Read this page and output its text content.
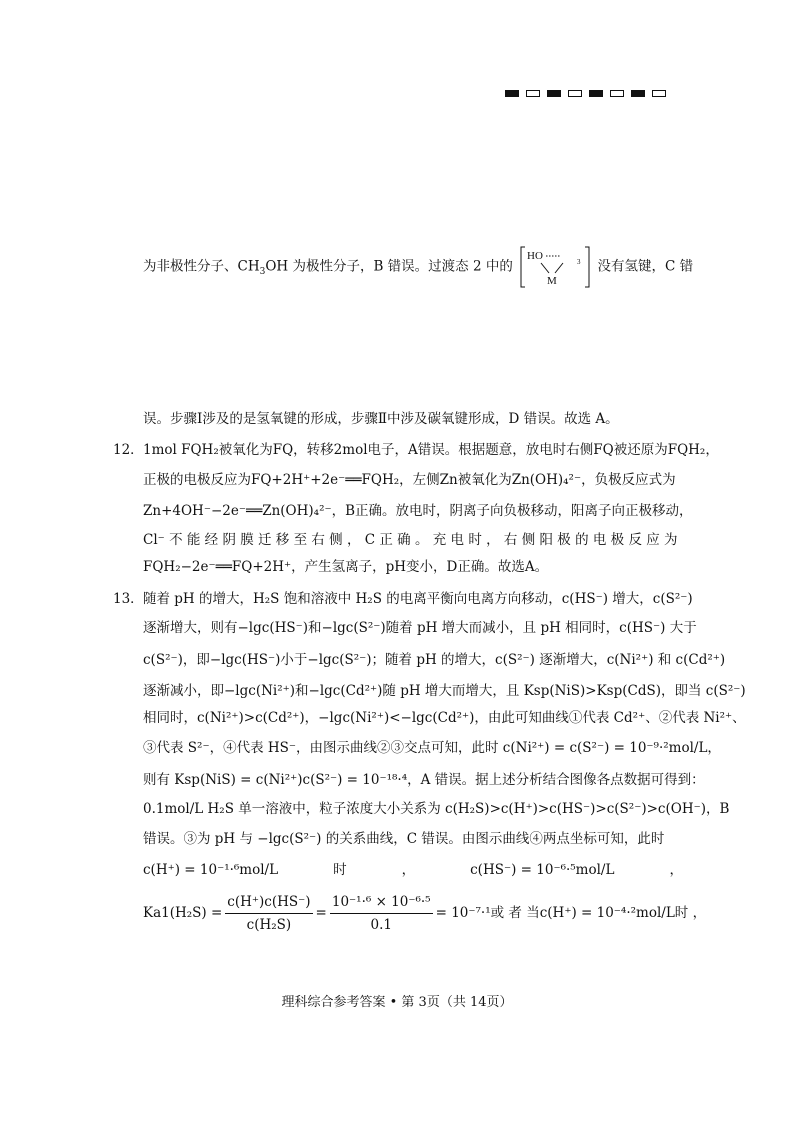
为非极性分子、$CH_3OH$ 为极性分子，B 错误。过渡态 2 中的
HO	3
M
没有氢键，C 错
误。步骤Ⅰ涉及的是氢氧键的形成，步骤Ⅱ中涉及碳氧键形成，D 错误。故选 A。
12． 1mol FQH₂被氧化为FQ，转移2mol电子，A错误。根据题意，放电时右侧FQ被还原为FQH₂，
正极的电极反应为FQ+2H⁺+2e⁻══FQH₂，左侧Zn被氧化为Zn(OH)₄²⁻，负极反应式为
Zn+4OH⁻−2e⁻══Zn(OH)₄²⁻，B正确。放电时，阴离子向负极移动，阳离子向正极移动，
Cl⁻ 不 能 经 阴 膜 迁 移 至 右 侧 ， C 正 确 。 充 电 时 ， 右 侧 阳 极 的 电 极 反 应 为
FQH₂−2e⁻══FQ+2H⁺，产生氢离子，pH变小，D正确。故选A。
13． 随着 pH 的增大，H₂S 饱和溶液中 H₂S 的电离平衡向电离方向移动，c(HS⁻) 增大，c(S²⁻)
逐渐增大，则有−lgc(HS⁻)和−lgc(S²⁻)随着 pH 增大而减小，且 pH 相同时，c(HS⁻) 大于
c(S²⁻)，即−lgc(HS⁻)小于−lgc(S²⁻)；随着 pH 的增大，c(S²⁻) 逐渐增大，c(Ni²⁺) 和 c(Cd²⁺)
逐渐减小，即−lgc(Ni²⁺)和−lgc(Cd²⁺)随 pH 增大而增大，且 Ksp(NiS)>Ksp(CdS)，即当 c(S²⁻)
相同时，c(Ni²⁺)>c(Cd²⁺)，−lgc(Ni²⁺)<−lgc(Cd²⁺)，由此可知曲线①代表 Cd²⁺、②代表 Ni²⁺、
③代表 S²⁻，④代表 HS⁻，由图示曲线②③交点可知，此时 c(Ni²⁺) = c(S²⁻) = 10⁻⁹·²mol/L，
则有 Ksp(NiS) = c(Ni²⁺)c(S²⁻) = 10⁻¹⁸·⁴，A 错误。据上述分析结合图像各点数据可得到：
0.1mol/L H₂S 单一溶液中，粒子浓度大小关系为 c(H₂S)>c(H⁺)>c(HS⁻)>c(S²⁻)>c(OH⁻)，B
错误。③为 pH 与 −lgc(S²⁻) 的关系曲线，C 错误。由图示曲线④两点坐标可知，此时
c(H⁺) = 10⁻¹·⁶mol/L	时	，	c(HS⁻) = 10⁻⁶·⁵mol/L	，
$Ka1(H_2S) = \frac{c(H^+)c(HS^-)}{\text{c(H₂S)}} = \frac{\text{10⁻¹·⁶ × 10⁻⁶·⁵}}{0.1} = 10^{-7}\cdot^1$ 或 者 当 c(H⁺) = 10⁻⁴·²mol/L 时 ，
理科综合参考答案 • 第 3页（共 14页）
